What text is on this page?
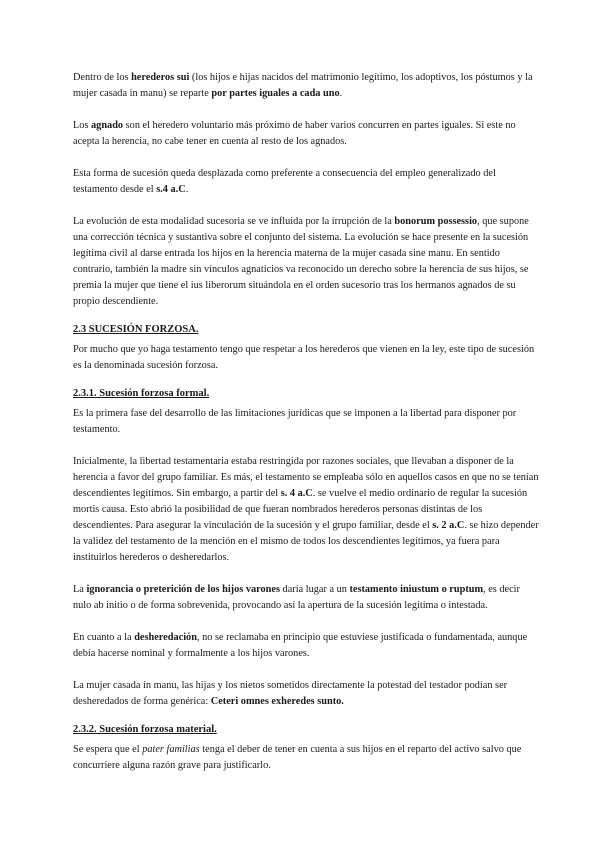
Dentro de los herederos sui (los hijos e hijas nacidos del matrimonio legítimo, los adoptivos, los póstumos y la mujer casada in manu) se reparte por partes iguales a cada uno.

Los agnado son el heredero voluntario más próximo de haber varios concurren en partes iguales. Si este no acepta la herencia, no cabe tener en cuenta al resto de los agnados.

Esta forma de sucesión queda desplazada como preferente a consecuencia del empleo generalizado del testamento desde el s.4 a.C.

La evolución de esta modalidad sucesoria se ve influida por la irrupción de la bonorum possessio, que supone una corrección técnica y sustantiva sobre el conjunto del sistema. La evolución se hace presente en la sucesión legítima civil al darse entrada los hijos en la herencia materna de la mujer casada sine manu. En sentido contrario, también la madre sin vínculos agnaticios va reconocido un derecho sobre la herencia de sus hijos, se premia la mujer que tiene el ius liberorum situándola en el orden sucesorio tras los hermanos agnados de su propio descendiente.

2.3 SUCESIÓN FORZOSA.

Por mucho que yo haga testamento tengo que respetar a los herederos que vienen en la ley, este tipo de sucesión es la denominada sucesión forzosa.

2.3.1. Sucesión forzosa formal.

Es la primera fase del desarrollo de las limitaciones jurídicas que se imponen a la libertad para disponer por testamento.

Inicialmente, la libertad testamentaria estaba restringida por razones sociales, que llevaban a disponer de la herencia a favor del grupo familiar. Es más, el testamento se empleaba sólo en aquellos casos en que no se tenían descendientes legítimos. Sin embargo, a partir del s. 4 a.C. se vuelve el medio ordinario de regular la sucesión mortis causa. Esto abrió la posibilidad de que fueran nombrados herederos personas distintas de los descendientes. Para asegurar la vinculación de la sucesión y el grupo familiar, desde el s. 2 a.C. se hizo depender la validez del testamento de la mención en el mismo de todos los descendientes legítimos, ya fuera para instituirlos herederos o desheredarlos.

La ignorancia o preterición de los hijos varones daría lugar a un testamento iniustum o ruptum, es decir nulo ab initio o de forma sobrevenida, provocando así la apertura de la sucesión legítima o intestada.

En cuanto a la desheredación, no se reclamaba en principio que estuviese justificada o fundamentada, aunque debía hacerse nominal y formalmente a los hijos varones.

La mujer casada in manu, las hijas y los nietos sometidos directamente la potestad del testador podían ser desheredados de forma genérica: Ceteri omnes exheredes sunto.

2.3.2. Sucesión forzosa material.

Se espera que el pater familias tenga el deber de tener en cuenta a sus hijos en el reparto del activo salvo que concurriere alguna razón grave para justificarlo.
